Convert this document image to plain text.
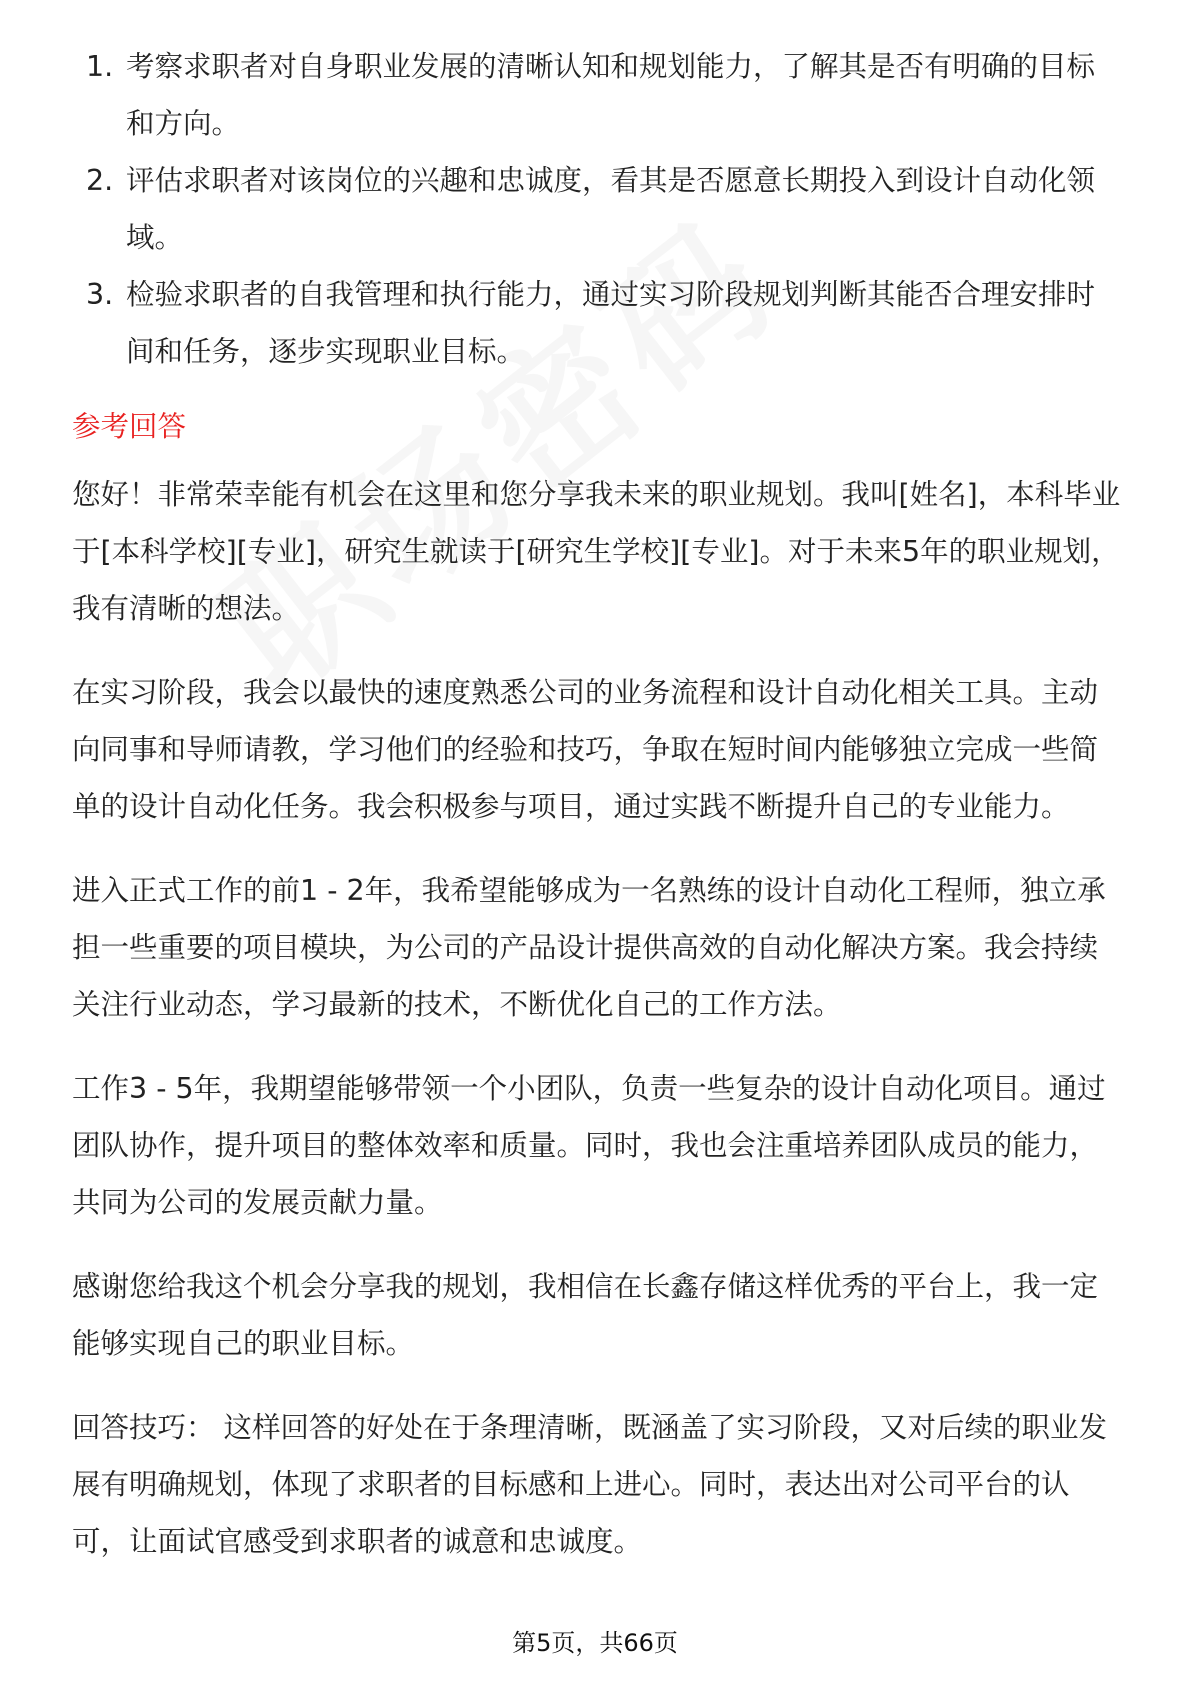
1. 考察求职者对自身职业发展的清晰认知和规划能力，了解其是否有明确的目标和方向。
2. 评估求职者对该岗位的兴趣和忠诚度，看其是否愿意长期投入到设计自动化领域。
3. 检验求职者的自我管理和执行能力，通过实习阶段规划判断其能否合理安排时间和任务，逐步实现职业目标。
参考回答

您好！非常荣幸能有机会在这里和您分享我未来的职业规划。我叫[姓名]，本科毕业于[本科学校][专业]，研究生就读于[研究生学校][专业]。对于未来5年的职业规划，我有清晰的想法。

在实习阶段，我会以最快的速度熟悉公司的业务流程和设计自动化相关工具。主动向同事和导师请教，学习他们的经验和技巧，争取在短时间内能够独立完成一些简单的设计自动化任务。我会积极参与项目，通过实践不断提升自己的专业能力。

进入正式工作的前1 - 2年，我希望能够成为一名熟练的设计自动化工程师，独立承担一些重要的项目模块，为公司的产品设计提供高效的自动化解决方案。我会持续关注行业动态，学习最新的技术，不断优化自己的工作方法。

工作3 - 5年，我期望能够带领一个小团队，负责一些复杂的设计自动化项目。通过团队协作，提升项目的整体效率和质量。同时，我也会注重培养团队成员的能力，共同为公司的发展贡献力量。

感谢您给我这个机会分享我的规划，我相信在长鑫存储这样优秀的平台上，我一定能够实现自己的职业目标。

回答技巧： 这样回答的好处在于条理清晰，既涵盖了实习阶段，又对后续的职业发展有明确规划，体现了求职者的目标感和上进心。同时，表达出对公司平台的认可，让面试官感受到求职者的诚意和忠诚度。

第5页，共66页
